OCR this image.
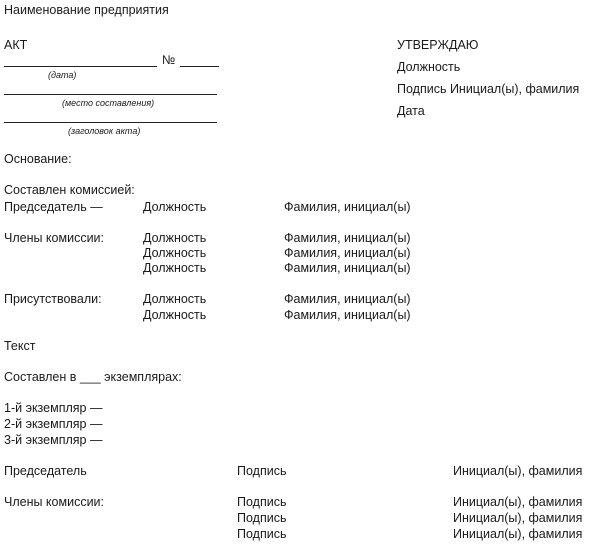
Наименование предприятия
АКТ
№
(дата)
(место составления)
(заголовок акта)
УТВЕРЖДАЮ
Должность
Подпись Инициал(ы), фамилия
Дата
Основание:
Составлен комиссией:
Председатель —	Должность	Фамилия, инициал(ы)
Члены комиссии:	Должность	Фамилия, инициал(ы)
Должность	Фамилия, инициал(ы)
Должность	Фамилия, инициал(ы)
Присутствовали:	Должность	Фамилия, инициал(ы)
Должность	Фамилия, инициал(ы)
Текст
Составлен в ___ экземплярах:
1-й экземпляр —
2-й экземпляр —
3-й экземпляр —
Председатель	Подпись	Инициал(ы), фамилия
Члены комиссии:	Подпись	Инициал(ы), фамилия
Подпись	Инициал(ы), фамилия
Подпись	Инициал(ы), фамилия
